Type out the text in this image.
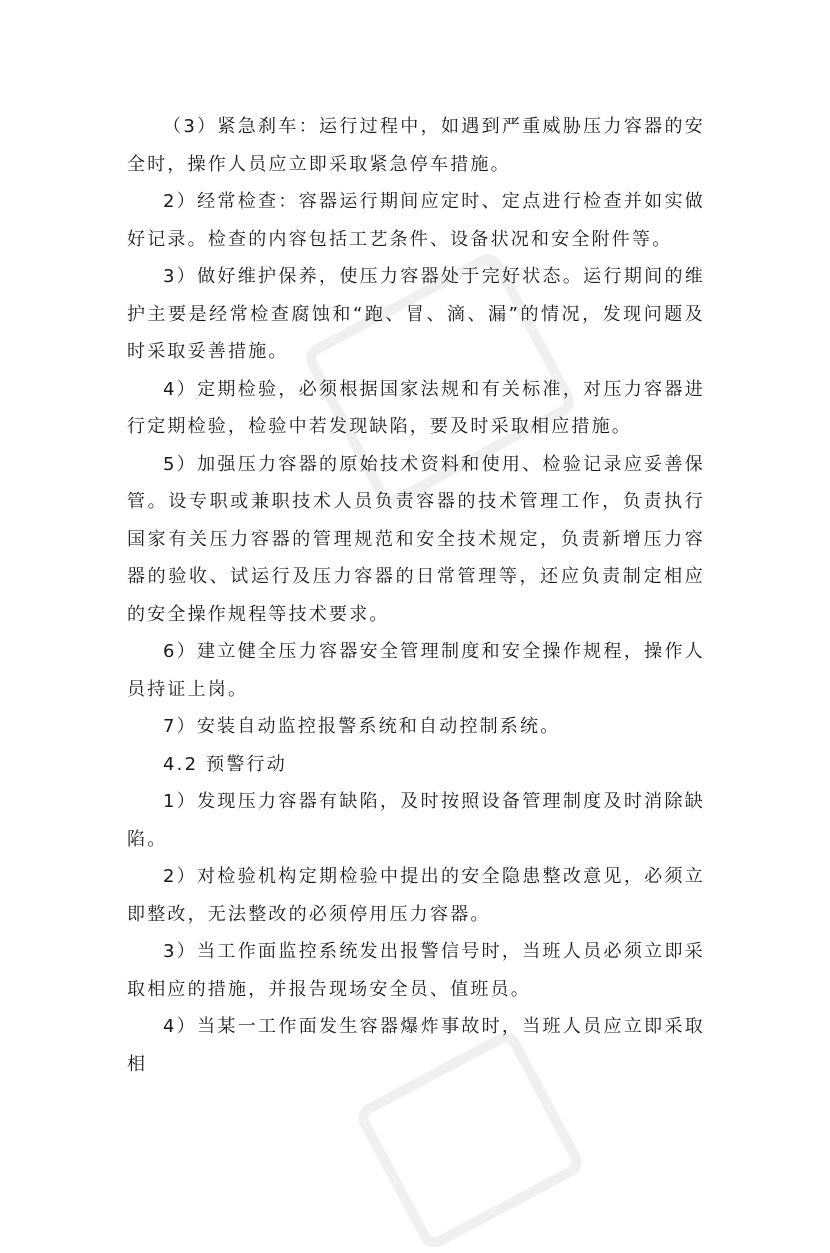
（3）紧急刹车：运行过程中，如遇到严重威胁压力容器的安全时，操作人员应立即采取紧急停车措施。

2）经常检查：容器运行期间应定时、定点进行检查并如实做好记录。检查的内容包括工艺条件、设备状况和安全附件等。

3）做好维护保养，使压力容器处于完好状态。运行期间的维护主要是经常检查腐蚀和“跑、冒、滴、漏”的情况，发现问题及时采取妥善措施。

4）定期检验，必须根据国家法规和有关标准，对压力容器进行定期检验，检验中若发现缺陷，要及时采取相应措施。

5）加强压力容器的原始技术资料和使用、检验记录应妥善保管。设专职或兼职技术人员负责容器的技术管理工作，负责执行国家有关压力容器的管理规范和安全技术规定，负责新增压力容器的验收、试运行及压力容器的日常管理等，还应负责制定相应的安全操作规程等技术要求。

6）建立健全压力容器安全管理制度和安全操作规程，操作人员持证上岗。

7）安装自动监控报警系统和自动控制系统。

4.2 预警行动

1）发现压力容器有缺陷，及时按照设备管理制度及时消除缺陷。

2）对检验机构定期检验中提出的安全隐患整改意见，必须立即整改，无法整改的必须停用压力容器。

3）当工作面监控系统发出报警信号时，当班人员必须立即采取相应的措施，并报告现场安全员、值班员。

4）当某一工作面发生容器爆炸事故时，当班人员应立即采取相
